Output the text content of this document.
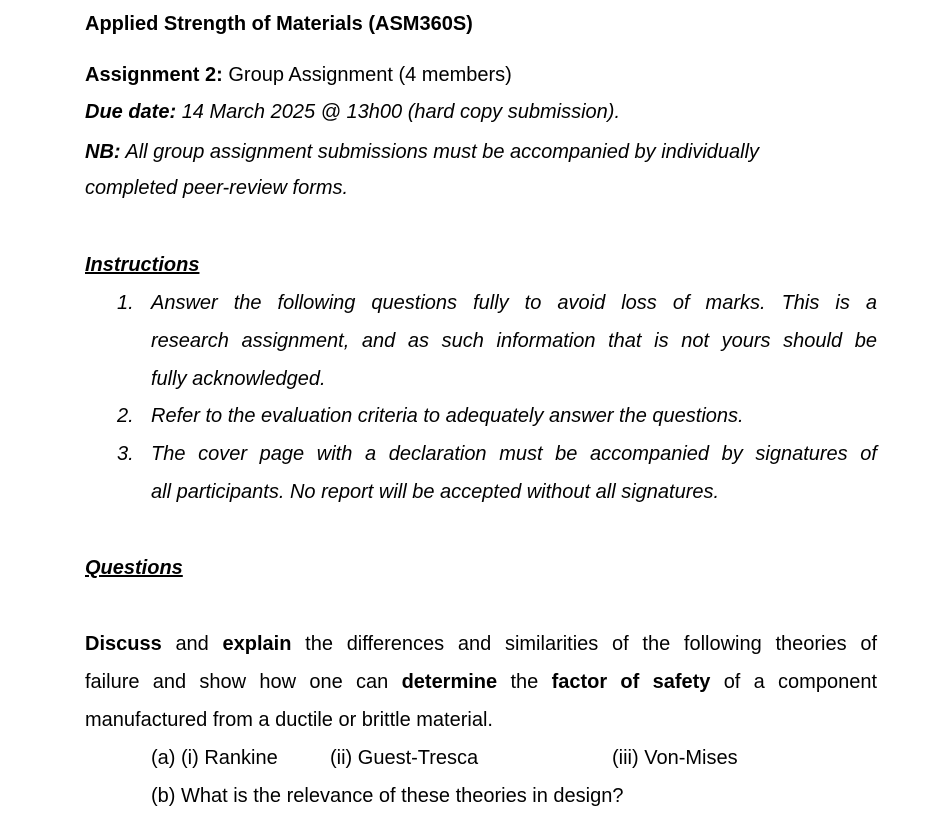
Applied Strength of Materials (ASM360S)
Assignment 2: Group Assignment (4 members)
Due date: 14 March 2025 @ 13h00 (hard copy submission).
NB: All group assignment submissions must be accompanied by individually
completed peer-review forms.
Instructions
1. Answer the following questions fully to avoid loss of marks. This is a
research assignment, and as such information that is not yours should be
fully acknowledged.
2. Refer to the evaluation criteria to adequately answer the questions.
3. The cover page with a declaration must be accompanied by signatures of
all participants. No report will be accepted without all signatures.
Questions
Discuss and explain the differences and similarities of the following theories of
failure and show how one can determine the factor of safety of a component
manufactured from a ductile or brittle material.
(a) (i) Rankine	(ii) Guest-Tresca	(iii) Von-Mises
(b) What is the relevance of these theories in design?
